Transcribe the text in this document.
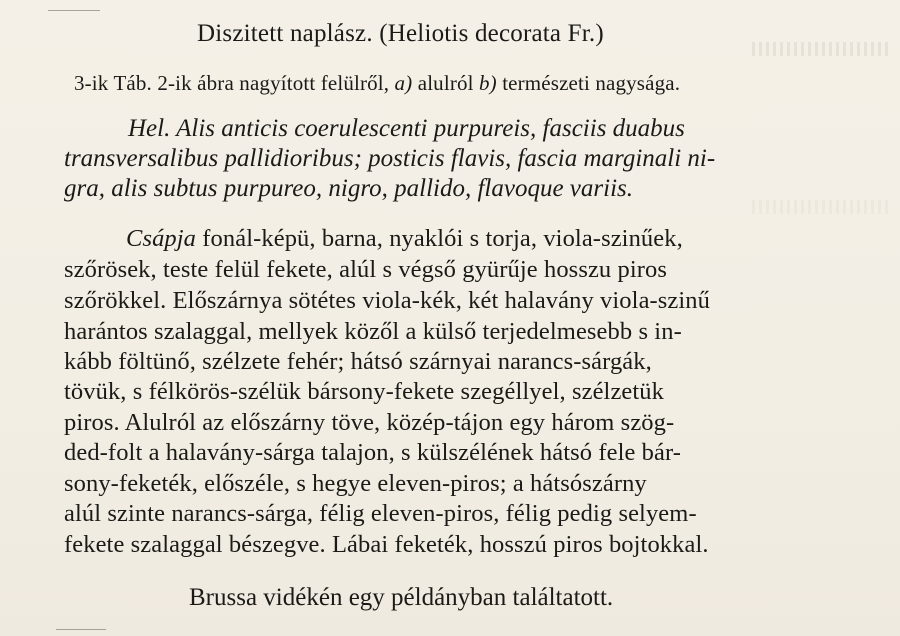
Diszitett naplász. (Heliotis decorata Fr.)
3-ik Táb. 2-ik ábra nagyított felülről, a) alulról b) természeti nagysága.
Hel. Alis anticis coerulescenti purpureis, fasciis duabus
transversalibus pallidioribus; posticis flavis, fascia marginali ni-
gra, alis subtus purpureo, nigro, pallido, flavoque variis.
Csápja fonál-képü, barna, nyaklói s torja, viola-szinűek,
szőrösek, teste felül fekete, alúl s végső gyürűje hosszu piros
szőrökkel. Előszárnya sötétes viola-kék, két halavány viola-szinű
harántos szalaggal, mellyek közől a külső terjedelmesebb s in-
kább föltünő, szélzete fehér; hátsó szárnyai narancs-sárgák,
tövük, s félkörös-szélük bársony-fekete szegéllyel, szélzetük
piros. Alulról az előszárny töve, közép-tájon egy három szög-
ded-folt a halavány-sárga talajon, s külszélének hátsó fele bár-
sony-feketék, előszéle, s hegye eleven-piros; a hátsószárny
alúl szinte narancs-sárga, félig eleven-piros, félig pedig selyem-
fekete szalaggal bészegve. Lábai feketék, hosszú piros bojtokkal.
Brussa vidékén egy példányban találtatott.
